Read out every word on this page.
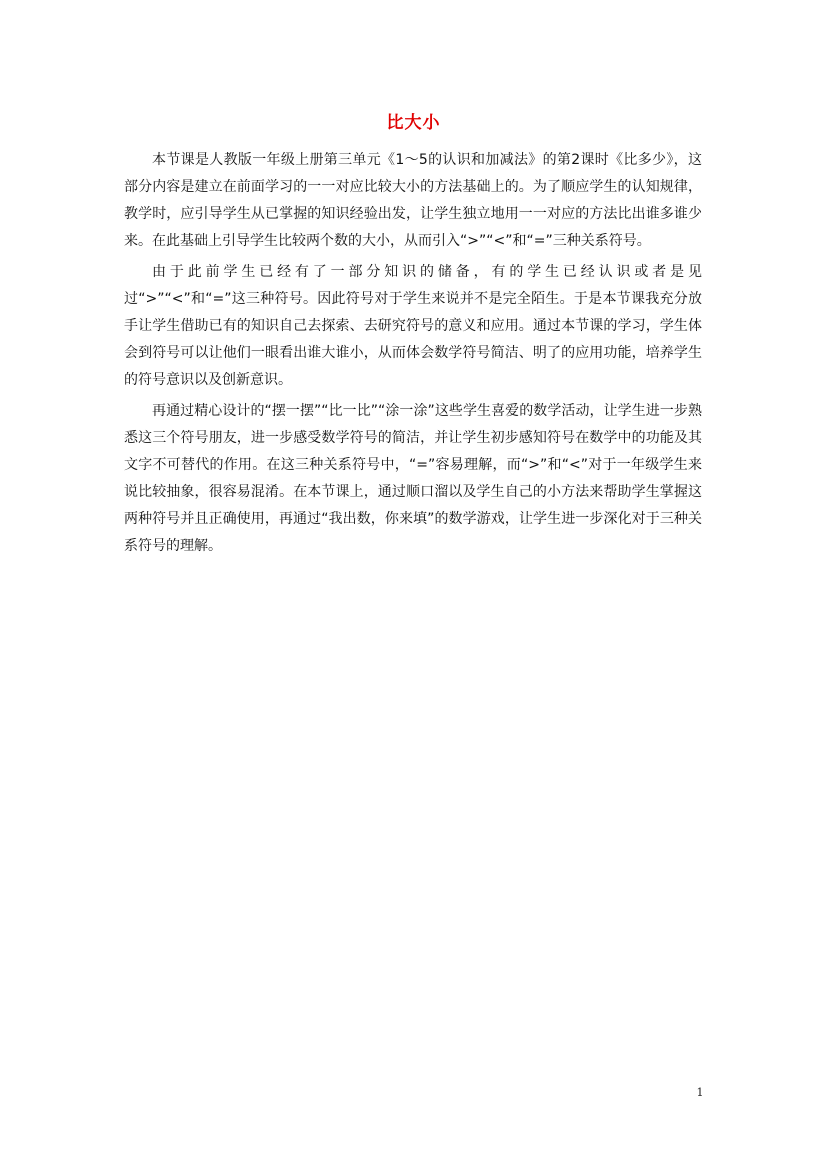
比大小

本节课是人教版一年级上册第三单元《1～5的认识和加减法》的第2课时《比多少》，这部分内容是建立在前面学习的一一对应比较大小的方法基础上的。为了顺应学生的认知规律，教学时，应引导学生从已掌握的知识经验出发，让学生独立地用一一对应的方法比出谁多谁少来。在此基础上引导学生比较两个数的大小，从而引入“>”“<”和“=”三种关系符号。

由于此前学生已经有了一部分知识的储备，有的学生已经认识或者是见过“>”“<”和“=”这三种符号。因此符号对于学生来说并不是完全陌生。于是本节课我充分放手让学生借助已有的知识自己去探索、去研究符号的意义和应用。通过本节课的学习，学生体会到符号可以让他们一眼看出谁大谁小，从而体会数学符号简洁、明了的应用功能，培养学生的符号意识以及创新意识。

再通过精心设计的“摆一摆”“比一比”“涂一涂”这些学生喜爱的数学活动，让学生进一步熟悉这三个符号朋友，进一步感受数学符号的简洁，并让学生初步感知符号在数学中的功能及其文字不可替代的作用。在这三种关系符号中，“=”容易理解，而“>”和“<”对于一年级学生来说比较抽象，很容易混淆。在本节课上，通过顺口溜以及学生自己的小方法来帮助学生掌握这两种符号并且正确使用，再通过“我出数，你来填”的数学游戏，让学生进一步深化对于三种关系符号的理解。

1
